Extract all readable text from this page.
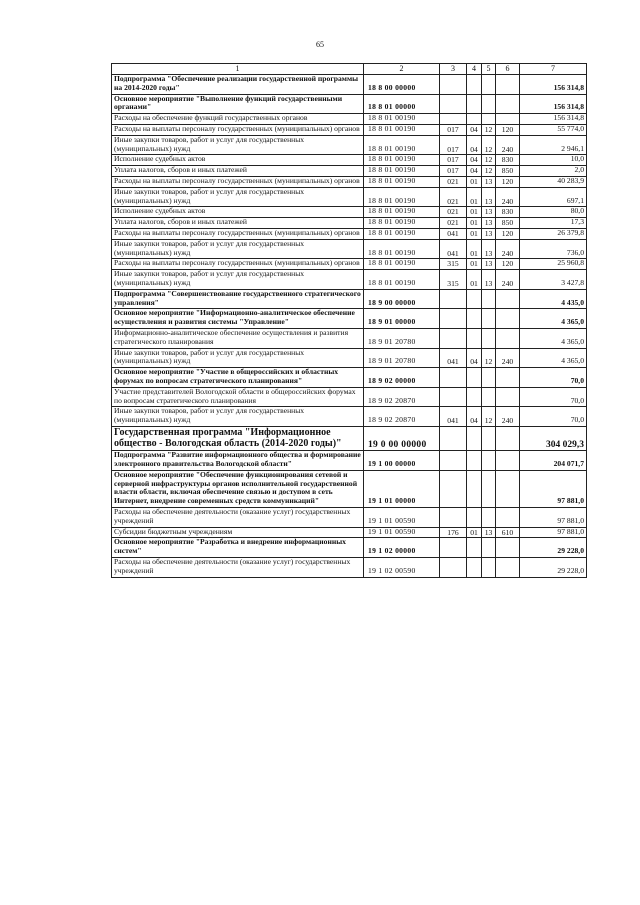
65
1	2	3	4	5	6	7
Подпрограмма "Обеспечение реализации государственной программы на 2014-2020 годы"	18 8 00 00000					156 314,8
Основное мероприятие "Выполнение функций государственными органами"	18 8 01 00000					156 314,8
Расходы на обеспечение функций государственных органов	18 8 01 00190					156 314,8
Расходы на выплаты персоналу государственных (муниципальных) органов	18 8 01 00190	017	04	12	120	55 774,0
Иные закупки товаров, работ и услуг для государственных (муниципальных) нужд	18 8 01 00190	017	04	12	240	2 946,1
Исполнение судебных актов	18 8 01 00190	017	04	12	830	10,0
Уплата налогов, сборов и иных платежей	18 8 01 00190	017	04	12	850	2,0
Расходы на выплаты персоналу государственных (муниципальных) органов	18 8 01 00190	021	01	13	120	40 283,9
Иные закупки товаров, работ и услуг для государственных (муниципальных) нужд	18 8 01 00190	021	01	13	240	697,1
Исполнение судебных актов	18 8 01 00190	021	01	13	830	80,0
Уплата налогов, сборов и иных платежей	18 8 01 00190	021	01	13	850	17,3
Расходы на выплаты персоналу государственных (муниципальных) органов	18 8 01 00190	041	01	13	120	26 379,8
Иные закупки товаров, работ и услуг для государственных (муниципальных) нужд	18 8 01 00190	041	01	13	240	736,0
Расходы на выплаты персоналу государственных (муниципальных) органов	18 8 01 00190	315	01	13	120	25 960,8
Иные закупки товаров, работ и услуг для государственных (муниципальных) нужд	18 8 01 00190	315	01	13	240	3 427,8
Подпрограмма "Совершенствование государственного стратегического управления"	18 9 00 00000					4 435,0
Основное мероприятие "Информационно-аналитическое обеспечение осуществления и развития системы "Управление"	18 9 01 00000					4 365,0
Информационно-аналитическое обеспечение осуществления и развития стратегического планирования	18 9 01 20780					4 365,0
Иные закупки товаров, работ и услуг для государственных (муниципальных) нужд	18 9 01 20780	041	04	12	240	4 365,0
Основное мероприятие "Участие в общероссийских и областных форумах по вопросам стратегического планирования"	18 9 02 00000					70,0
Участие представителей Вологодской области в общероссийских форумах по вопросам стратегического планирования	18 9 02 20870					70,0
Иные закупки товаров, работ и услуг для государственных (муниципальных) нужд	18 9 02 20870	041	04	12	240	70,0
Государственная программа "Информационное общество - Вологодская область (2014-2020 годы)"	19 0 00 00000					304 029,3
Подпрограмма "Развитие информационного общества и формирование электронного правительства Вологодской области"	19 1 00 00000					204 071,7
Основное мероприятие "Обеспечение функционирования сетевой и серверной инфраструктуры органов исполнительной государственной власти области, включая обеспечение связью и доступом в сеть Интернет, внедрение современных средств коммуникаций"	19 1 01 00000					97 881,0
Расходы на обеспечение деятельности (оказание услуг) государственных учреждений	19 1 01 00590					97 881,0
Субсидии бюджетным учреждениям	19 1 01 00590	176	01	13	610	97 881,0
Основное мероприятие "Разработка и внедрение информационных систем"	19 1 02 00000					29 228,0
Расходы на обеспечение деятельности (оказание услуг) государственных учреждений	19 1 02 00590					29 228,0
